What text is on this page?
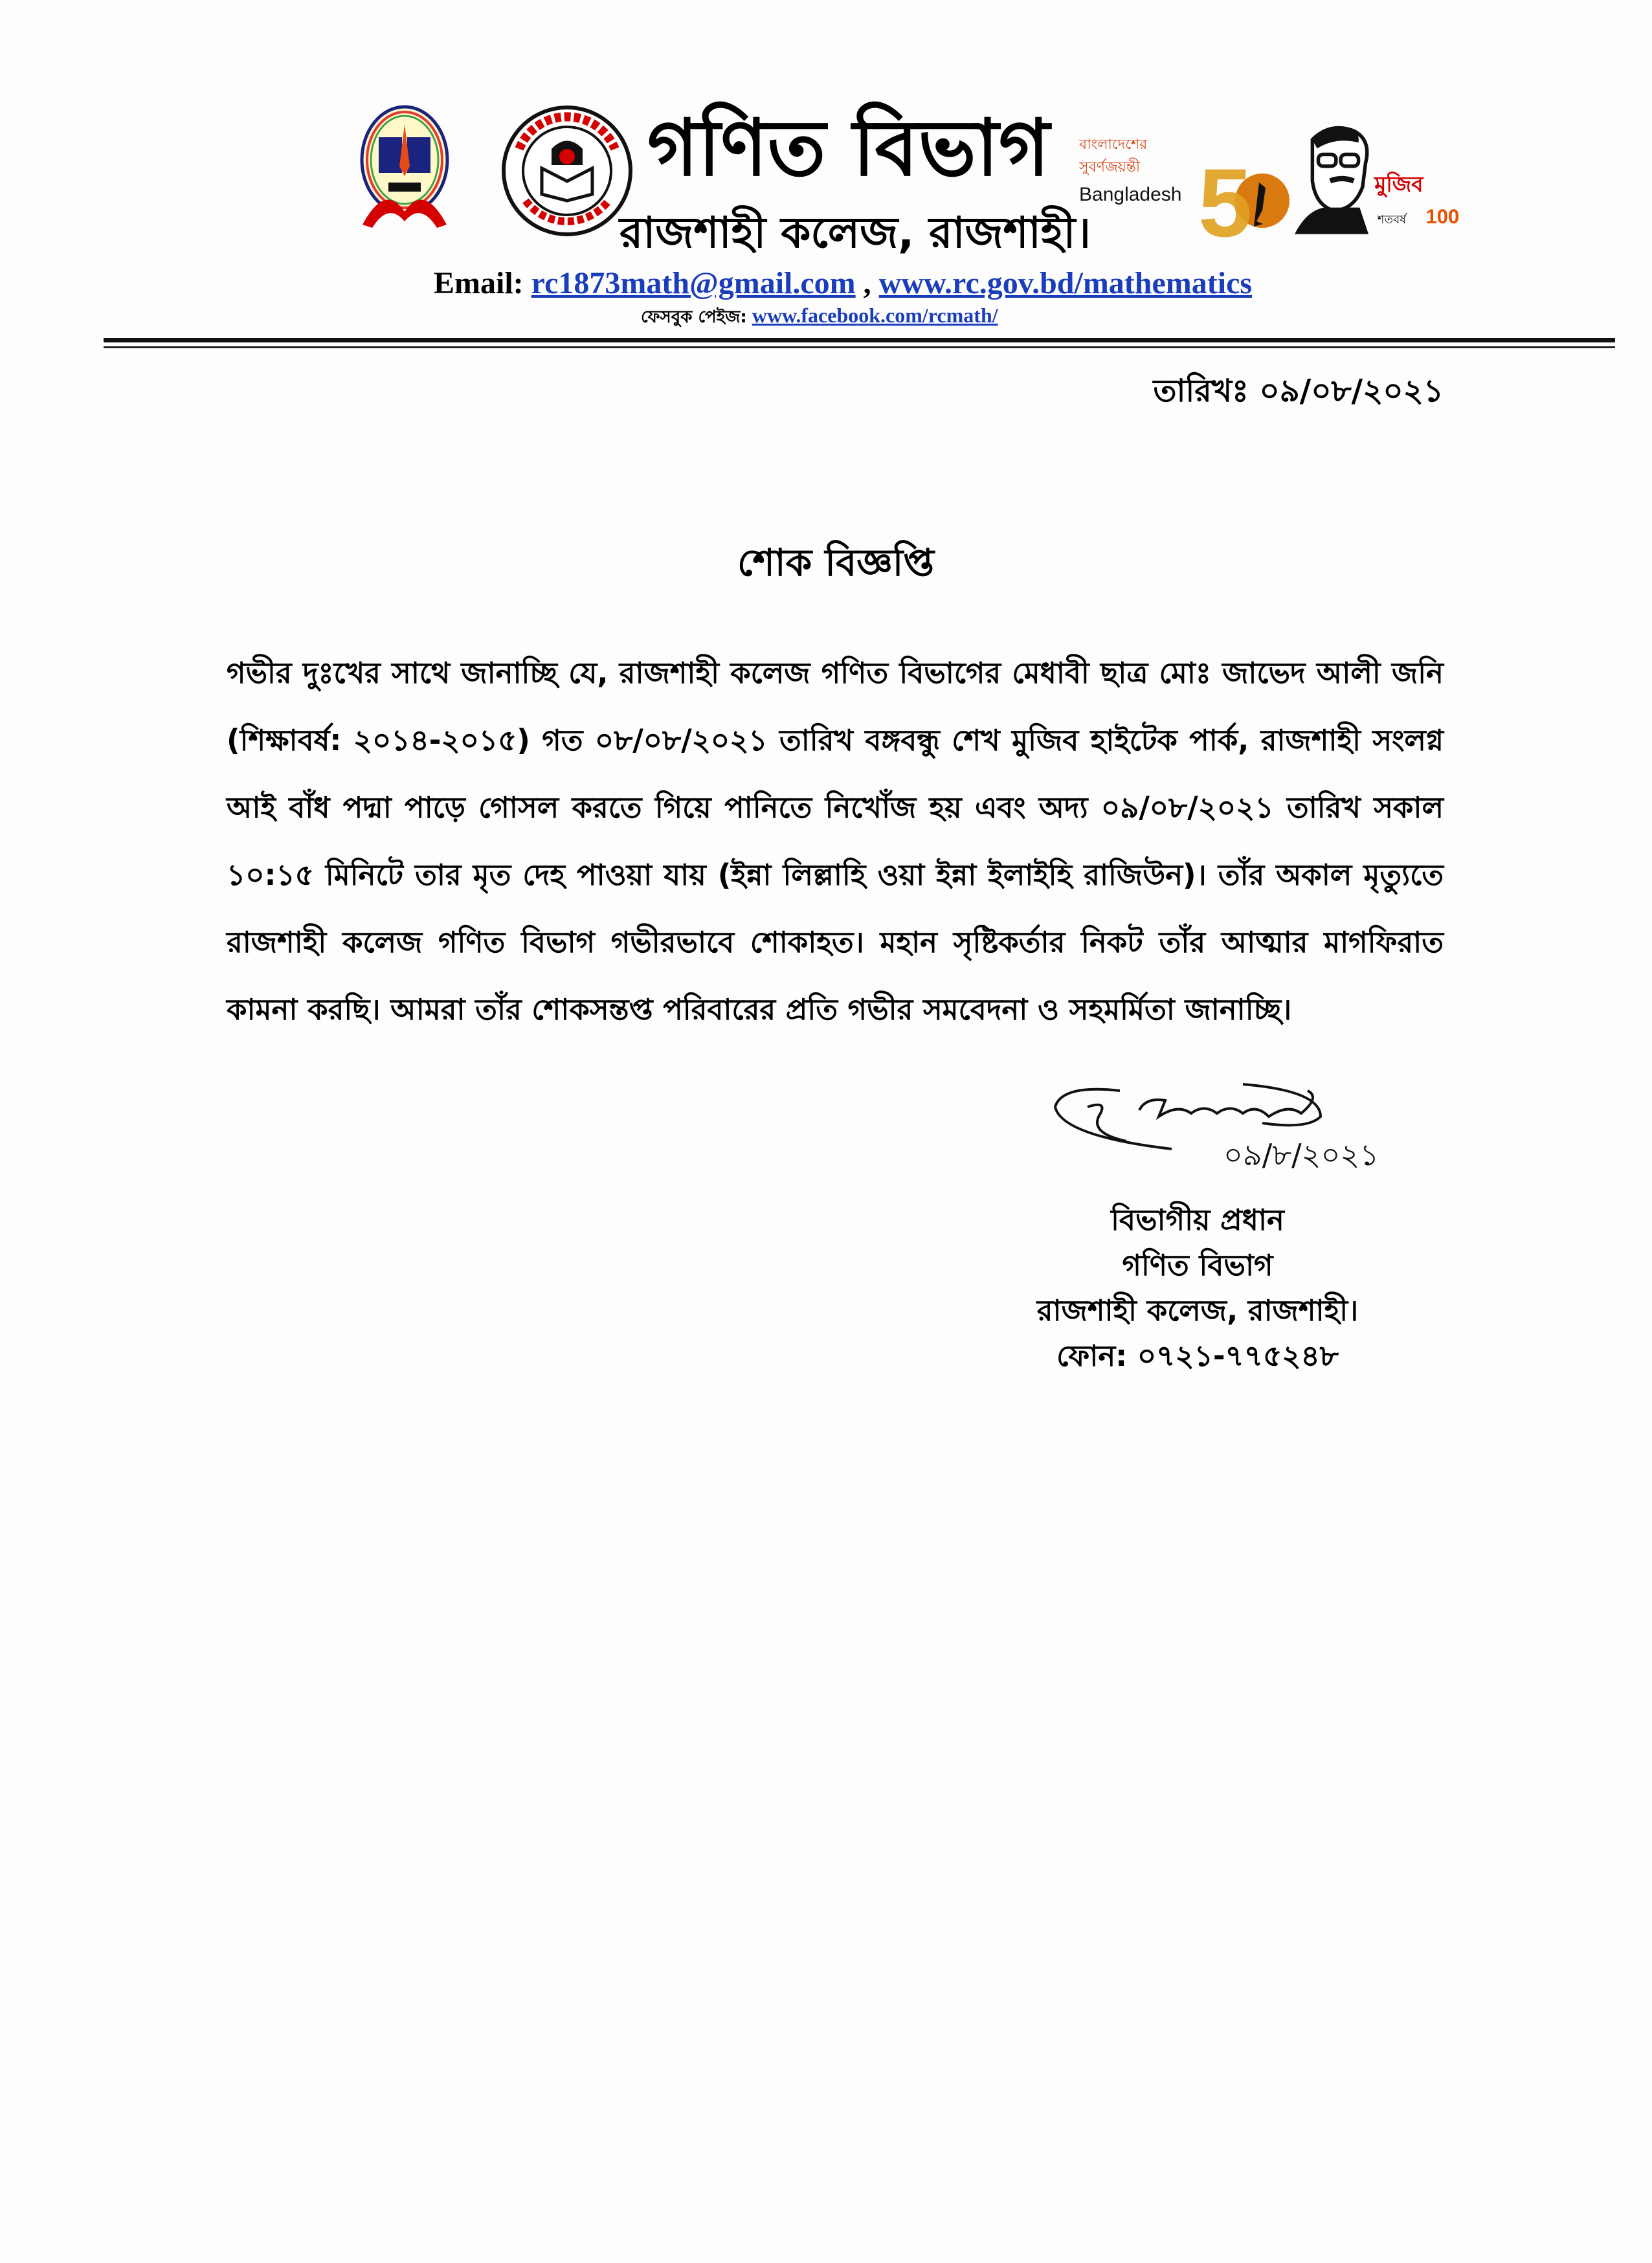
গণিত বিভাগ
রাজশাহী কলেজ, রাজশাহী।
বাংলাদেশের
সুবর্ণজয়ন্তী
Bangladesh 5	মুজিব
শতবর্ষ 100
Email: rc1873math@gmail.com , www.rc.gov.bd/mathematics
ফেসবুক পেইজ: www.facebook.com/rcmath/
তারিখঃ ০৯/০৮/২০২১
শোক বিজ্ঞপ্তি
গভীর দুঃখের সাথে জানাচ্ছি যে, রাজশাহী কলেজ গণিত বিভাগের মেধাবী ছাত্র মোঃ জাভেদ আলী জনি
(শিক্ষাবর্ষ: ২০১৪-২০১৫) গত ০৮/০৮/২০২১ তারিখ বঙ্গবন্ধু শেখ মুজিব হাইটেক পার্ক, রাজশাহী সংলগ্ন
আই বাঁধ পদ্মা পাড়ে গোসল করতে গিয়ে পানিতে নিখোঁজ হয় এবং অদ্য ০৯/০৮/২০২১ তারিখ সকাল
১০:১৫ মিনিটে তার মৃত দেহ পাওয়া যায় (ইন্না লিল্লাহি ওয়া ইন্না ইলাইহি রাজিউন)। তাঁর অকাল মৃত্যুতে
রাজশাহী কলেজ গণিত বিভাগ গভীরভাবে শোকাহত। মহান সৃষ্টিকর্তার নিকট তাঁর আত্মার মাগফিরাত
কামনা করছি। আমরা তাঁর শোকসন্তপ্ত পরিবারের প্রতি গভীর সমবেদনা ও সহমর্মিতা জানাচ্ছি।
০৯/৮/২০২১
বিভাগীয় প্রধান
গণিত বিভাগ
রাজশাহী কলেজ, রাজশাহী।
ফোন: ০৭২১-৭৭৫২৪৮
